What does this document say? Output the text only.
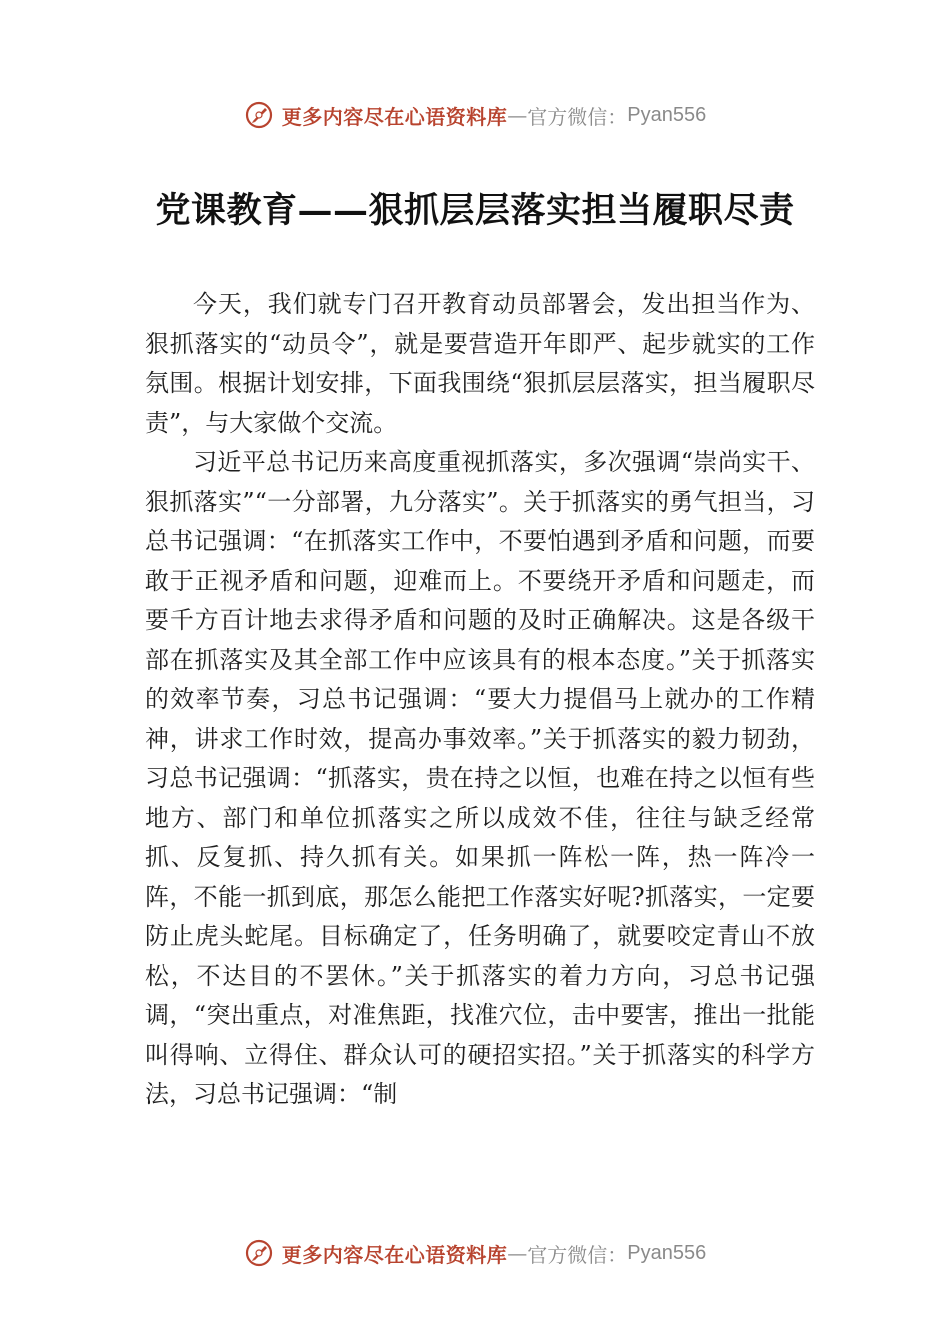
更多内容尽在心语资料库 — 官方微信： Pyan556
党课教育——狠抓层层落实担当履职尽责

今天，我们就专门召开教育动员部署会，发出担当作为、狠抓落实的“动员令”，就是要营造开年即严、起步就实的工作氛围。根据计划安排，下面我围绕“狠抓层层落实，担当履职尽责”，与大家做个交流。

习近平总书记历来高度重视抓落实，多次强调“崇尚实干、狠抓落实”“一分部署，九分落实”。关于抓落实的勇气担当，习总书记强调：“在抓落实工作中，不要怕遇到矛盾和问题，而要敢于正视矛盾和问题，迎难而上。不要绕开矛盾和问题走，而要千方百计地去求得矛盾和问题的及时正确解决。这是各级干部在抓落实及其全部工作中应该具有的根本态度。”关于抓落实的效率节奏，习总书记强调：“要大力提倡马上就办的工作精神，讲求工作时效，提高办事效率。”关于抓落实的毅力韧劲，习总书记强调：“抓落实，贵在持之以恒，也难在持之以恒有些地方、部门和单位抓落实之所以成效不佳，往往与缺乏经常抓、反复抓、持久抓有关。如果抓一阵松一阵，热一阵冷一阵，不能一抓到底，那怎么能把工作落实好呢?抓落实，一定要防止虎头蛇尾。目标确定了，任务明确了，就要咬定青山不放松，不达目的不罢休。”关于抓落实的着力方向，习总书记强调，“突出重点，对准焦距，找准穴位，击中要害，推出一批能叫得响、立得住、群众认可的硬招实招。”关于抓落实的科学方法，习总书记强调：“制

更多内容尽在心语资料库 — 官方微信： Pyan556
